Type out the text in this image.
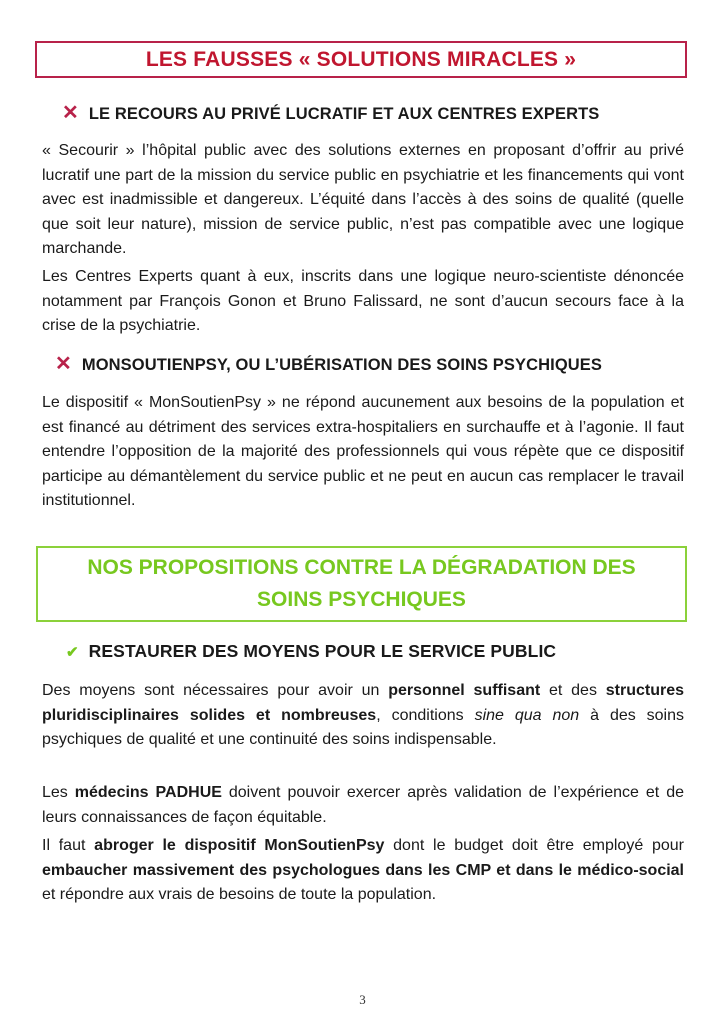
LES FAUSSES « SOLUTIONS MIRACLES »
✕ LE RECOURS AU PRIVÉ LUCRATIF ET AUX CENTRES EXPERTS
« Secourir » l’hôpital public avec des solutions externes en proposant d’offrir au privé lucratif une part de la mission du service public en psychiatrie et les financements qui vont avec est inadmissible et dangereux. L’équité dans l’accès à des soins de qualité (quelle que soit leur nature), mission de service public, n’est pas compatible avec une logique marchande.
Les Centres Experts quant à eux, inscrits dans une logique neuro-scientiste dénoncée notamment par François Gonon et Bruno Falissard, ne sont d’aucun secours face à la crise de la psychiatrie.
✕ MONSOUTIENPSY, OU L’UBÉRISATION DES SOINS PSYCHIQUES
Le dispositif « MonSoutienPsy » ne répond aucunement aux besoins de la population et est financé au détriment des services extra-hospitaliers en surchauffe et à l’agonie. Il faut entendre l’opposition de la majorité des professionnels qui vous répète que ce dispositif participe au démantèlement du service public et ne peut en aucun cas remplacer le travail institutionnel.
NOS PROPOSITIONS CONTRE LA DÉGRADATION DES
SOINS PSYCHIQUES
✔ RESTAURER DES MOYENS POUR LE SERVICE PUBLIC
Des moyens sont nécessaires pour avoir un personnel suffisant et des structures pluridisciplinaires solides et nombreuses, conditions sine qua non à des soins psychiques de qualité et une continuité des soins indispensable.
Les médecins PADHUE doivent pouvoir exercer après validation de l’expérience et de leurs connaissances de façon équitable.
Il faut abroger le dispositif MonSoutienPsy dont le budget doit être employé pour embaucher massivement des psychologues dans les CMP et dans le médico-social et répondre aux vrais de besoins de toute la population.
3
